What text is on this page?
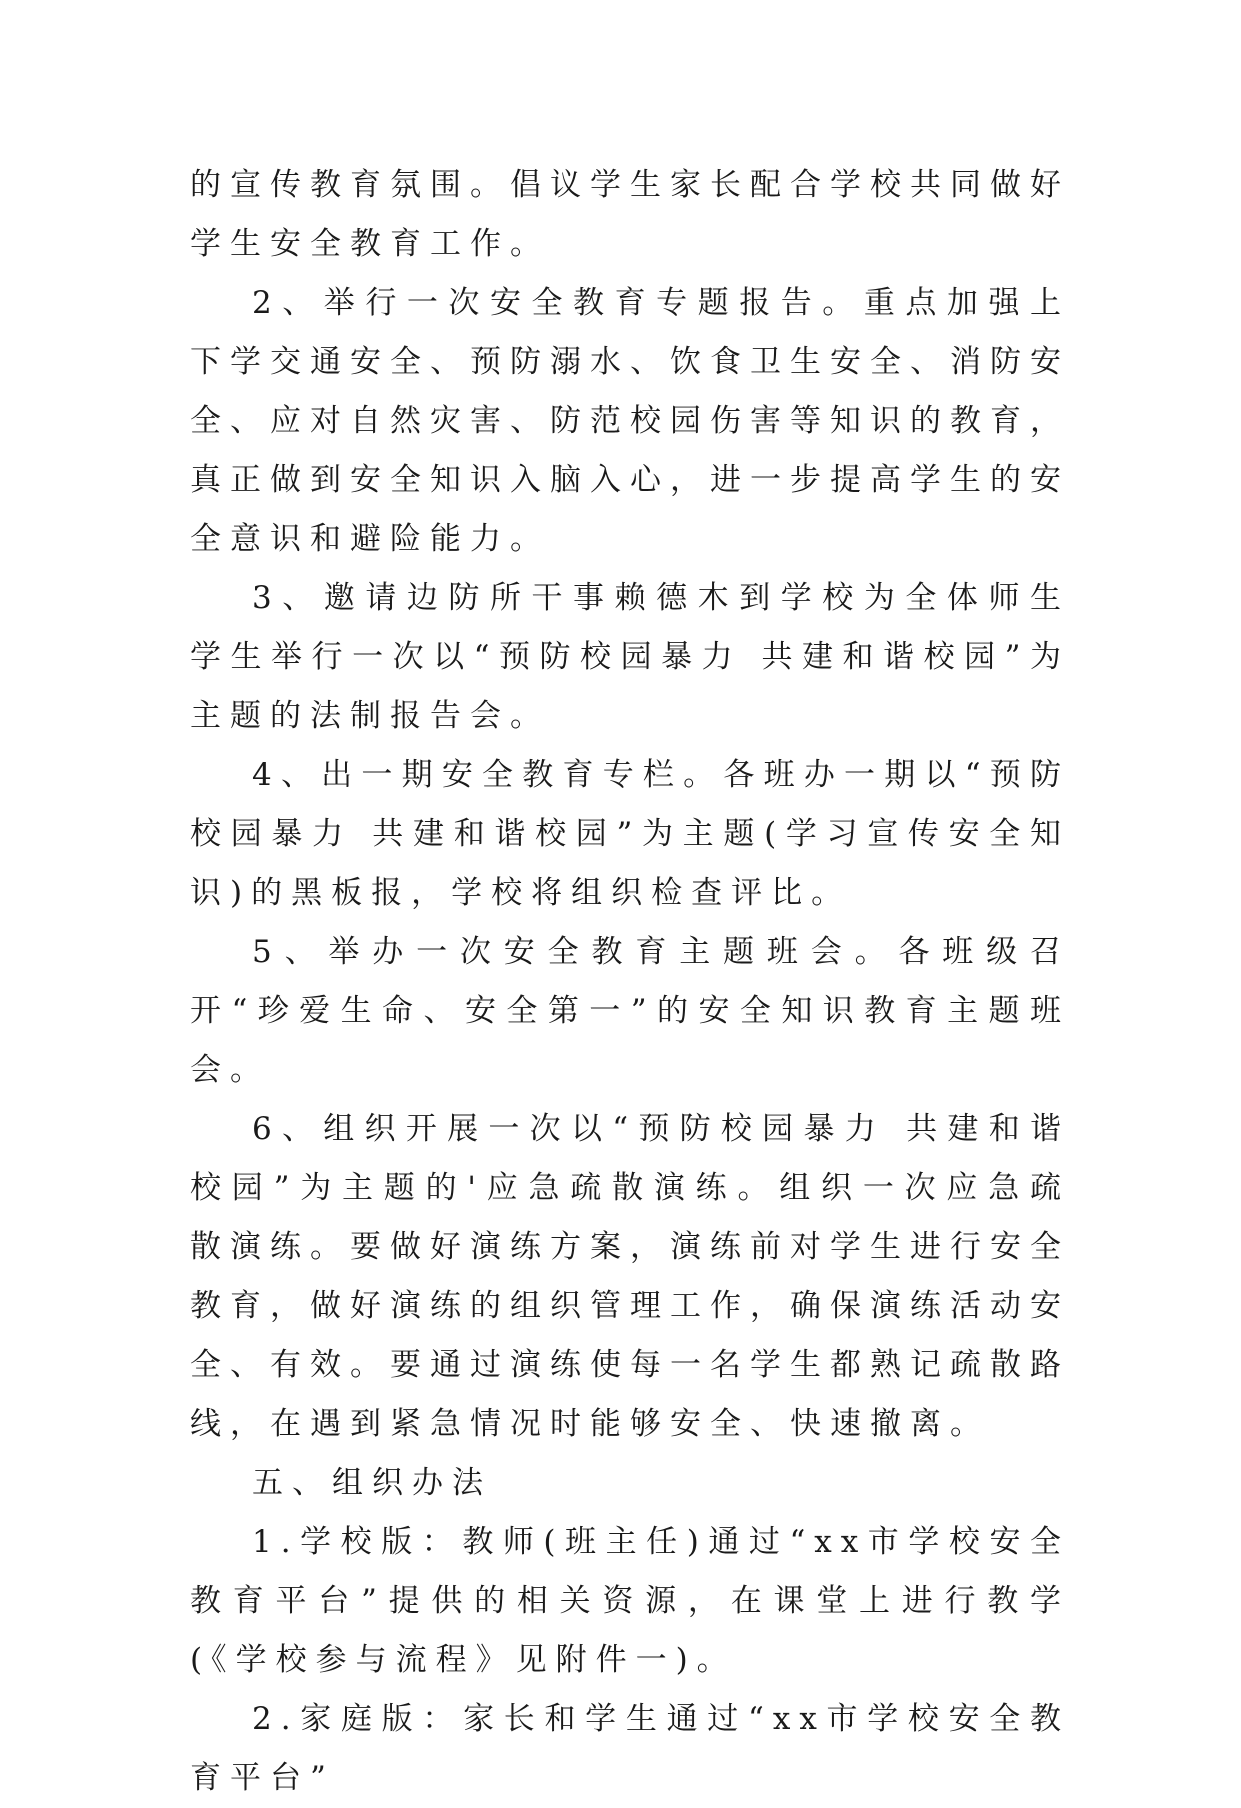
的宣传教育氛围。倡议学生家长配合学校共同做好学生安全教育工作。

2、举行一次安全教育专题报告。重点加强上下学交通安全、预防溺水、饮食卫生安全、消防安全、应对自然灾害、防范校园伤害等知识的教育，真正做到安全知识入脑入心，进一步提高学生的安全意识和避险能力。

3、邀请边防所干事赖德木到学校为全体师生学生举行一次以“预防校园暴力 共建和谐校园”为主题的法制报告会。

4、出一期安全教育专栏。各班办一期以“预防校园暴力 共建和谐校园”为主题(学习宣传安全知识)的黑板报，学校将组织检查评比。

5、举办一次安全教育主题班会。各班级召开“珍爱生命、安全第一”的安全知识教育主题班会。

6、组织开展一次以“预防校园暴力 共建和谐校园”为主题的'应急疏散演练。组织一次应急疏散演练。要做好演练方案，演练前对学生进行安全教育，做好演练的组织管理工作，确保演练活动安全、有效。要通过演练使每一名学生都熟记疏散路线，在遇到紧急情况时能够安全、快速撤离。

五、组织办法

1.学校版：教师(班主任)通过“xx市学校安全教育平台”提供的相关资源，在课堂上进行教学(《学校参与流程》见附件一)。

2.家庭版：家长和学生通过“xx市学校安全教育平台”
